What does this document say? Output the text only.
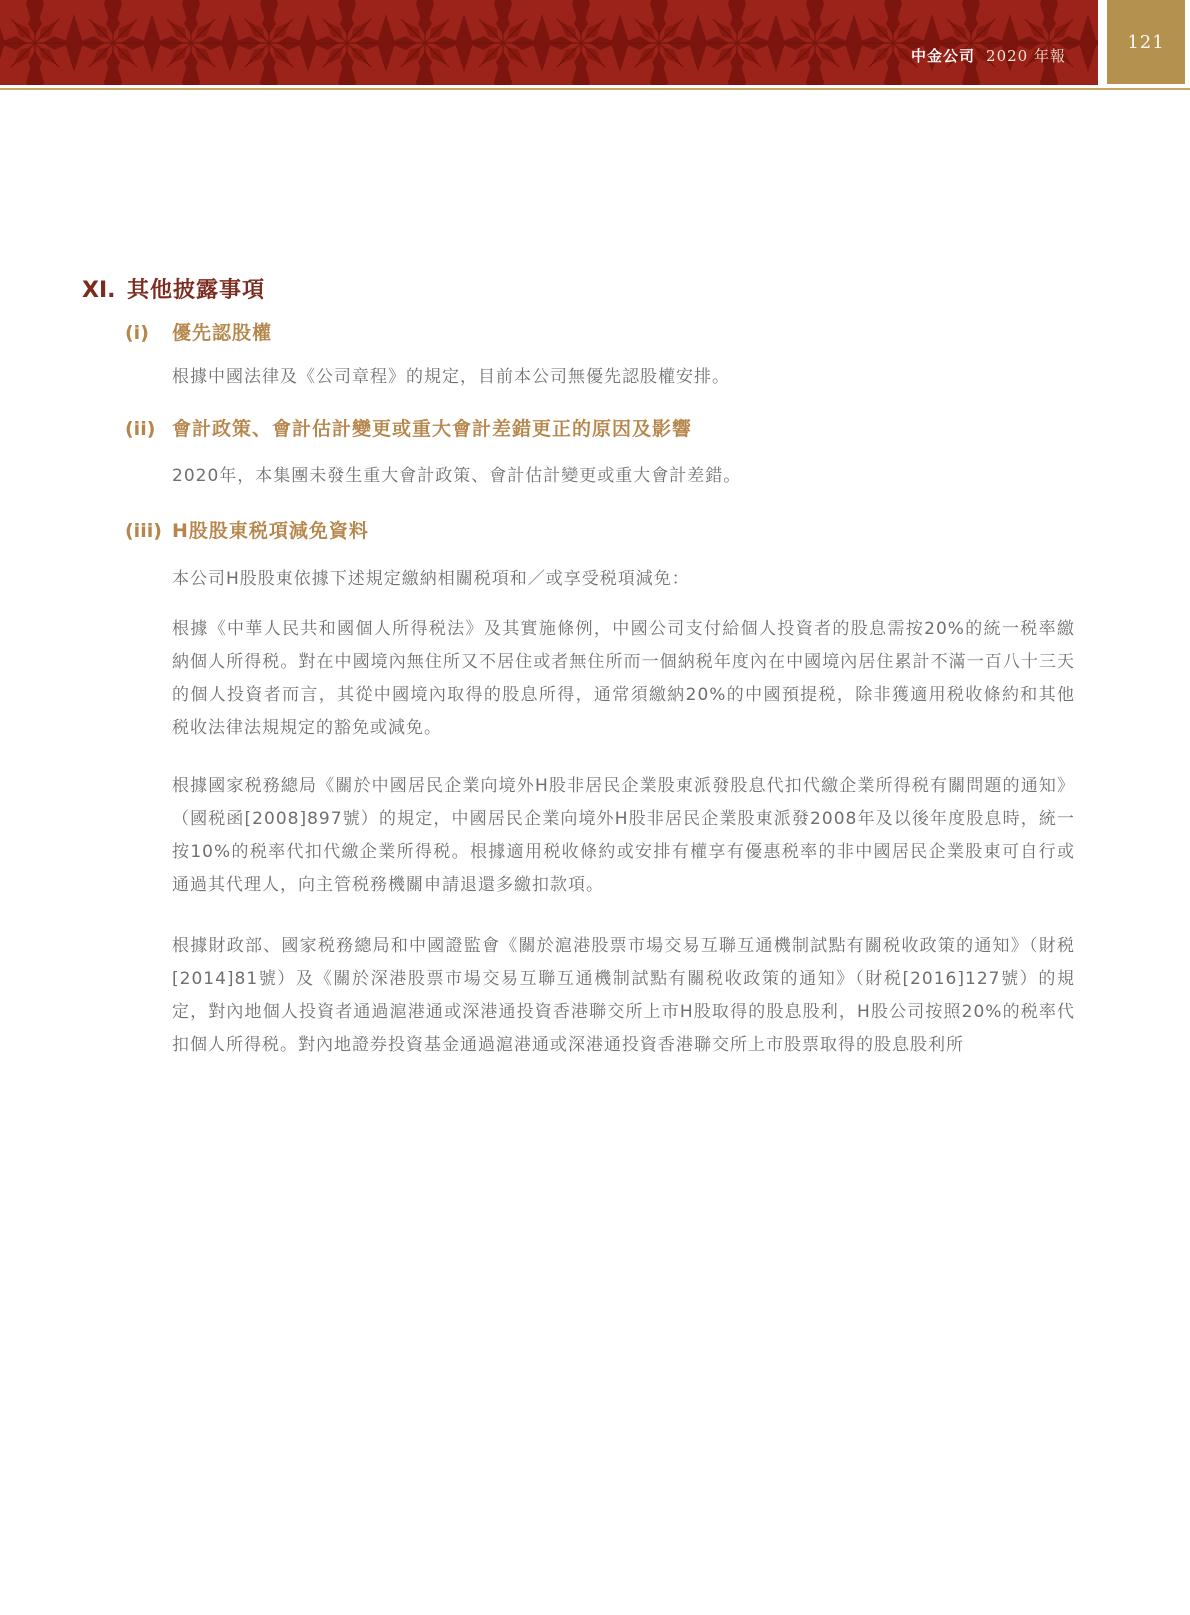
中金公司 2020 年報
121
XI. 其他披露事項
(i)	優先認股權

根據中國法律及《公司章程》的規定，目前本公司無優先認股權安排。

(ii) 會計政策、會計估計變更或重大會計差錯更正的原因及影響

2020年，本集團未發生重大會計政策、會計估計變更或重大會計差錯。

(iii) H股股東税項減免資料

本公司H股股東依據下述規定繳納相關税項和／或享受税項減免：

根據《中華人民共和國個人所得税法》及其實施條例，中國公司支付給個人投資者的股息需按20%的統一税率繳納個人所得税。對在中國境內無住所又不居住或者無住所而一個納税年度內在中國境內居住累計不滿一百八十三天的個人投資者而言，其從中國境內取得的股息所得，通常須繳納20%的中國預提税，除非獲適用税收條約和其他税收法律法規規定的豁免或減免。

根據國家税務總局《關於中國居民企業向境外H股非居民企業股東派發股息代扣代繳企業所得税有關問題的通知》（國税函[2008]897號）的規定，中國居民企業向境外H股非居民企業股東派發2008年及以後年度股息時，統一按10%的税率代扣代繳企業所得税。根據適用税收條約或安排有權享有優惠税率的非中國居民企業股東可自行或通過其代理人，向主管税務機關申請退還多繳扣款項。

根據財政部、國家税務總局和中國證監會《關於滬港股票市場交易互聯互通機制試點有關税收政策的通知》（財税[2014]81號）及《關於深港股票市場交易互聯互通機制試點有關税收政策的通知》（財税[2016]127號）的規定，對內地個人投資者通過滬港通或深港通投資香港聯交所上市H股取得的股息股利，H股公司按照20%的税率代扣個人所得税。對內地證券投資基金通過滬港通或深港通投資香港聯交所上市股票取得的股息股利所
